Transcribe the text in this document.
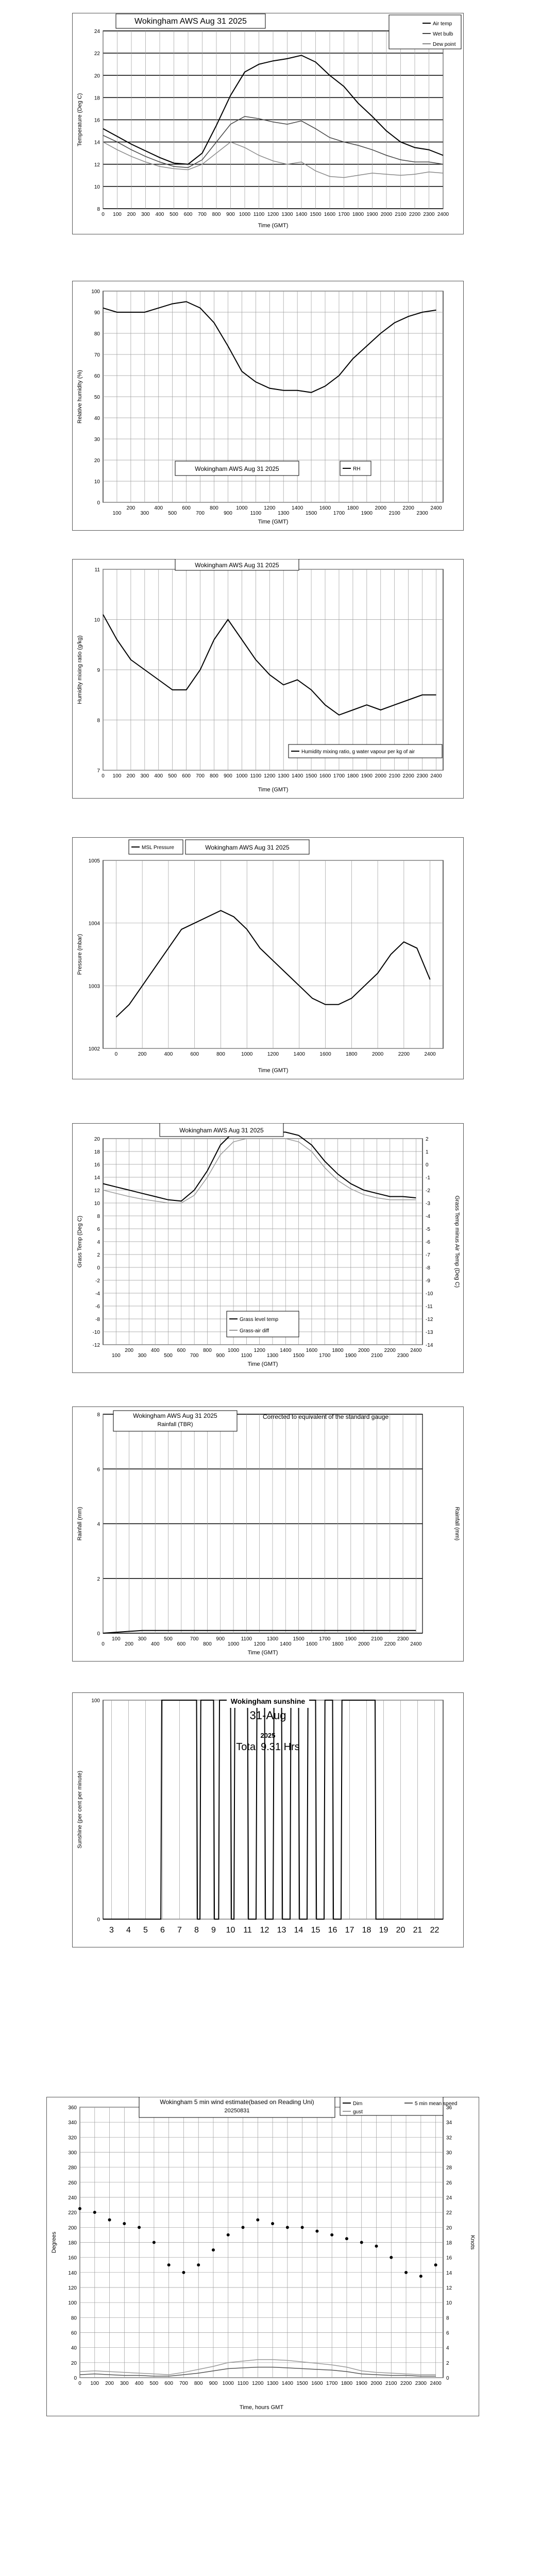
8
10
12
14
16
18
20
22
24
0 100 200 300 400 500 600 700 800 900 1000 1100 1200 1300 1400 1500 1600 1700 1800 1900 2000 2100 2200 2300 2400
Wokingham AWS Aug 31 2025	Air temp
Wet bulb
Dew point
Time (GMT)
Temperature (Deg C)
0
10
20
30
40
50
60
70
80
90
100
100
200
300
400
500
600
700
800
900
1000
1100
1200
1300
1400
1500
1600
1700
1800
1900
2000
2100
2200
2300
2400
Wokingham AWS Aug 31 2025	RH
Time (GMT)
Relative humidity (%)
7
8
9
10
11
0 100 200 300 400 500 600 700 800 900 1000 1100 1200 1300 1400 1500 1600 1700 1800 1900 2000 2100 2200 2300 2400
Wokingham AWS Aug 31 2025
Humidity mixing ratio, g water vapour per kg of air
Time (GMT)
Humidity mixing ratio (g/kg)
1002
1003
1004
1005
0	200	400	600	800	1000	1200	1400	1600	1800	2000	2200	2400
Wokingham AWS Aug 31 2025
MSL Pressure
Time (GMT)
Pressure (mbar)
-12
-10
-8
-6
-4
-2
0
2
4
6
8
10
12
14
16
18
20
-14
-13
-12
-11
-10
-9
-8
-7
-6
-5
-4
-3
-2
-1
0
1
2
100
200
300
400
500
600
700
800
900
1000
1100
1200
1300
1400
1500
1600
1700
1800
1900
2000
2100
2200
2300
2400
Wokingham AWS Aug 31 2025
Grass level temp
Grass-air diff
Time (GMT)
Grass Temp (Deg C)	Grass Temp minus Air Temp (Deg C)
0
2
4
6
8
0
100
200
300
400
500
600
700
800
900
1000
1100
1200
1300
1400
1500
1600
1700
1800
1900
2000
2100
2200
2300
2400
Wokingham AWS Aug 31 2025
Rainfall (TBR)
Corrected to equivalent of the standard gauge
Time (GMT)
Rainfall (mm)	Rainfall (mm)
0
100
3 4 5 6 7 8 9 10 11 12 13 14 15 16 17 18 19 20 21 22
Wokingham sunshine
31-Aug
2025
Total 9.31 Hrs
Sunshine (per cent per minute)
0
20
40
60
80
100
120
140
160
180
200
220
240
260
280
300
320
340
360
0
2
4
6
8
10
12
14
16
18
20
22
24
26
28
30
32
34
36
0 100 200 300 400 500 600 700 800 900 1000 1100 1200 1300 1400 1500 1600 1700 1800 1900 2000 2100 2200 2300 2400
Wokingham 5 min wind estimate(based on Reading Uni)
20250831
Dirn	5 min mean speed
gust
Time, hours GMT
Degrees	Knots
